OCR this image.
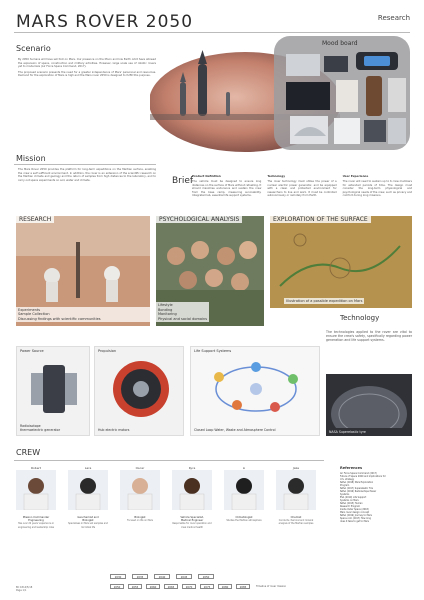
MARS ROVER 2050	Research
Scenario

By 2050 humans will have set foot on Mars. Our presence on the Moon and low Earth orbit have allowed the expansion of space, construction and military activities. However, large scale use of robotic rovers yet to modernize (Air Force Space Command, 2017).

The proposed scenario presents the need for a greater independence of Mars' personnel and resources. Demand for the exploration of Mars is high and the Mars rover 2050 is designed to fulfill this purpose.

Mood board
Mission

The Mars Rover 2050 provides the platform for long-term expeditions on the Martian surface, enabling the crew a self sufficient environment. In addition, the rover is an extension of the scientific research on the Martian climate and geology and the return of samples from high distances to the laboratory, and to carry out space experiments on soil, water and climate.	Brief
Product Definition

The vehicle must be designed to ensure long distances on the surface of Mars without refuelling. It should maximise endurance and sustain the crew from the base camp, measuring survivability. Integrated lab, essential life support systems.

Technology

The rover technology must utilise the power of a nuclear electric power generator, and be equipped with a clean and protected environment for researchers to live and work. It must be controlled autonomously or remotely from Earth.

User Experience

The rover will need to sustain up to 6 crew members for extended periods of time. The design must consider the long-term physiological and psychological needs of the crew, such as privacy and comfort during long missions.

RESEARCH
Experiments
Sample Collection
Discussing findings with scientific communities
PSYCHOLOGICAL ANALYSIS
Lifestyle
Bonding
Monitoring
Physical and social domains
EXPLORATION OF THE SURFACE
Illustration of a possible expedition on Mars
Technology

The technologies applied to the rover are vital to ensure the crew's safety, specifically regarding power generation and life support systems.

Power Source
Radioisotope
thermoelectric generator
Propulsion
Hub electric motors
Life Support Systems
Closed Loop Water, Waste and Atmosphere Control	NASA Superelastic tyre
CREW
Robert
Mission Commander
Engineering
Has over 20 years' experience in engineering and leadership roles
Lara
Geochemist and
Biologist
Specialises in Mars soil samples and microbial life
Oscar
Biologist
Focused on life on Mars
Kyra
Vehicle Specialist,
Medical Engineer
Responsible for rover operation and crew medical health
Li
Climatologist
Studies the Martian atmosphere
Jake
Chemist
Conducts chemical and mineral analysis of the Martian samples
2030	2035	2040	2045	2050
2050	2055	2060	2065	2070	2075	2080	2085	Timeline of rover mission
References
Air Force Space Command (2017)
Future of Space 2060 and implications for
U.S. strategy
NASA (2018) Mars Exploration
Program
NASA (2017) Superelastic Tire
NASA (2016) Radioisotope Power
Systems
ESA (2019) Life Support
Systems on Mars
NASA (2015) Human
Research Program
Inside Outer Space (2018)
Mars rover design concept
NASA (2019) Journey to Mars
Space.com (2017) How long
does it take to get to Mars
BC 1814/5/18
Page 1/1
